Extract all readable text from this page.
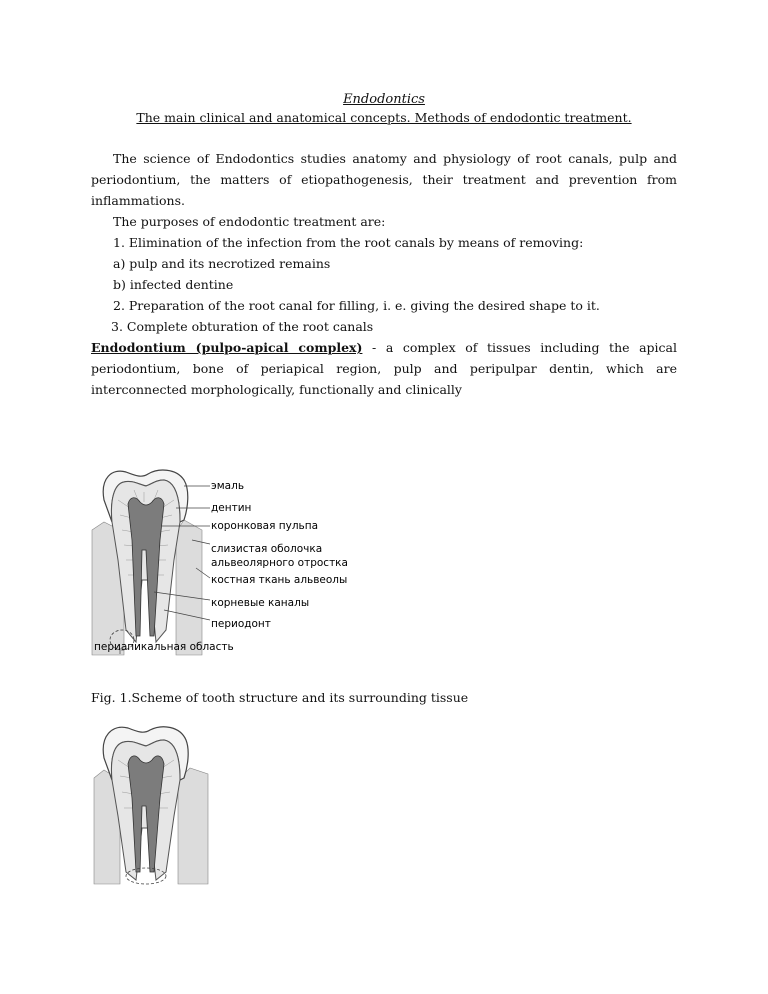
Endodontics
The main clinical and anatomical concepts. Methods of endodontic treatment.

The science of Endodontics studies anatomy and physiology of root canals, pulp and periodontium, the matters of etiopathogenesis, their treatment and prevention from inflammations.

The purposes of endodontic treatment are:

1. Elimination of the infection from the root canals by means of removing:

a) pulp and its necrotized remains

b) infected dentine

2. Preparation of the root canal for filling, i. e. giving the desired shape to it.

3. Complete obturation of the root canals

Endodontium (pulpo-apical complex) - a complex of tissues including the apical periodontium, bone of periapical region, pulp and peripulpar dentin, which are interconnected morphologically, functionally and clinically

эмаль
дентин
коронковая пульпа
слизистая оболочка
альвеолярного отростка
костная ткань альвеолы
корневые каналы
периодонт
периапикальная область
Fig. 1.Scheme of tooth structure and its surrounding tissue
